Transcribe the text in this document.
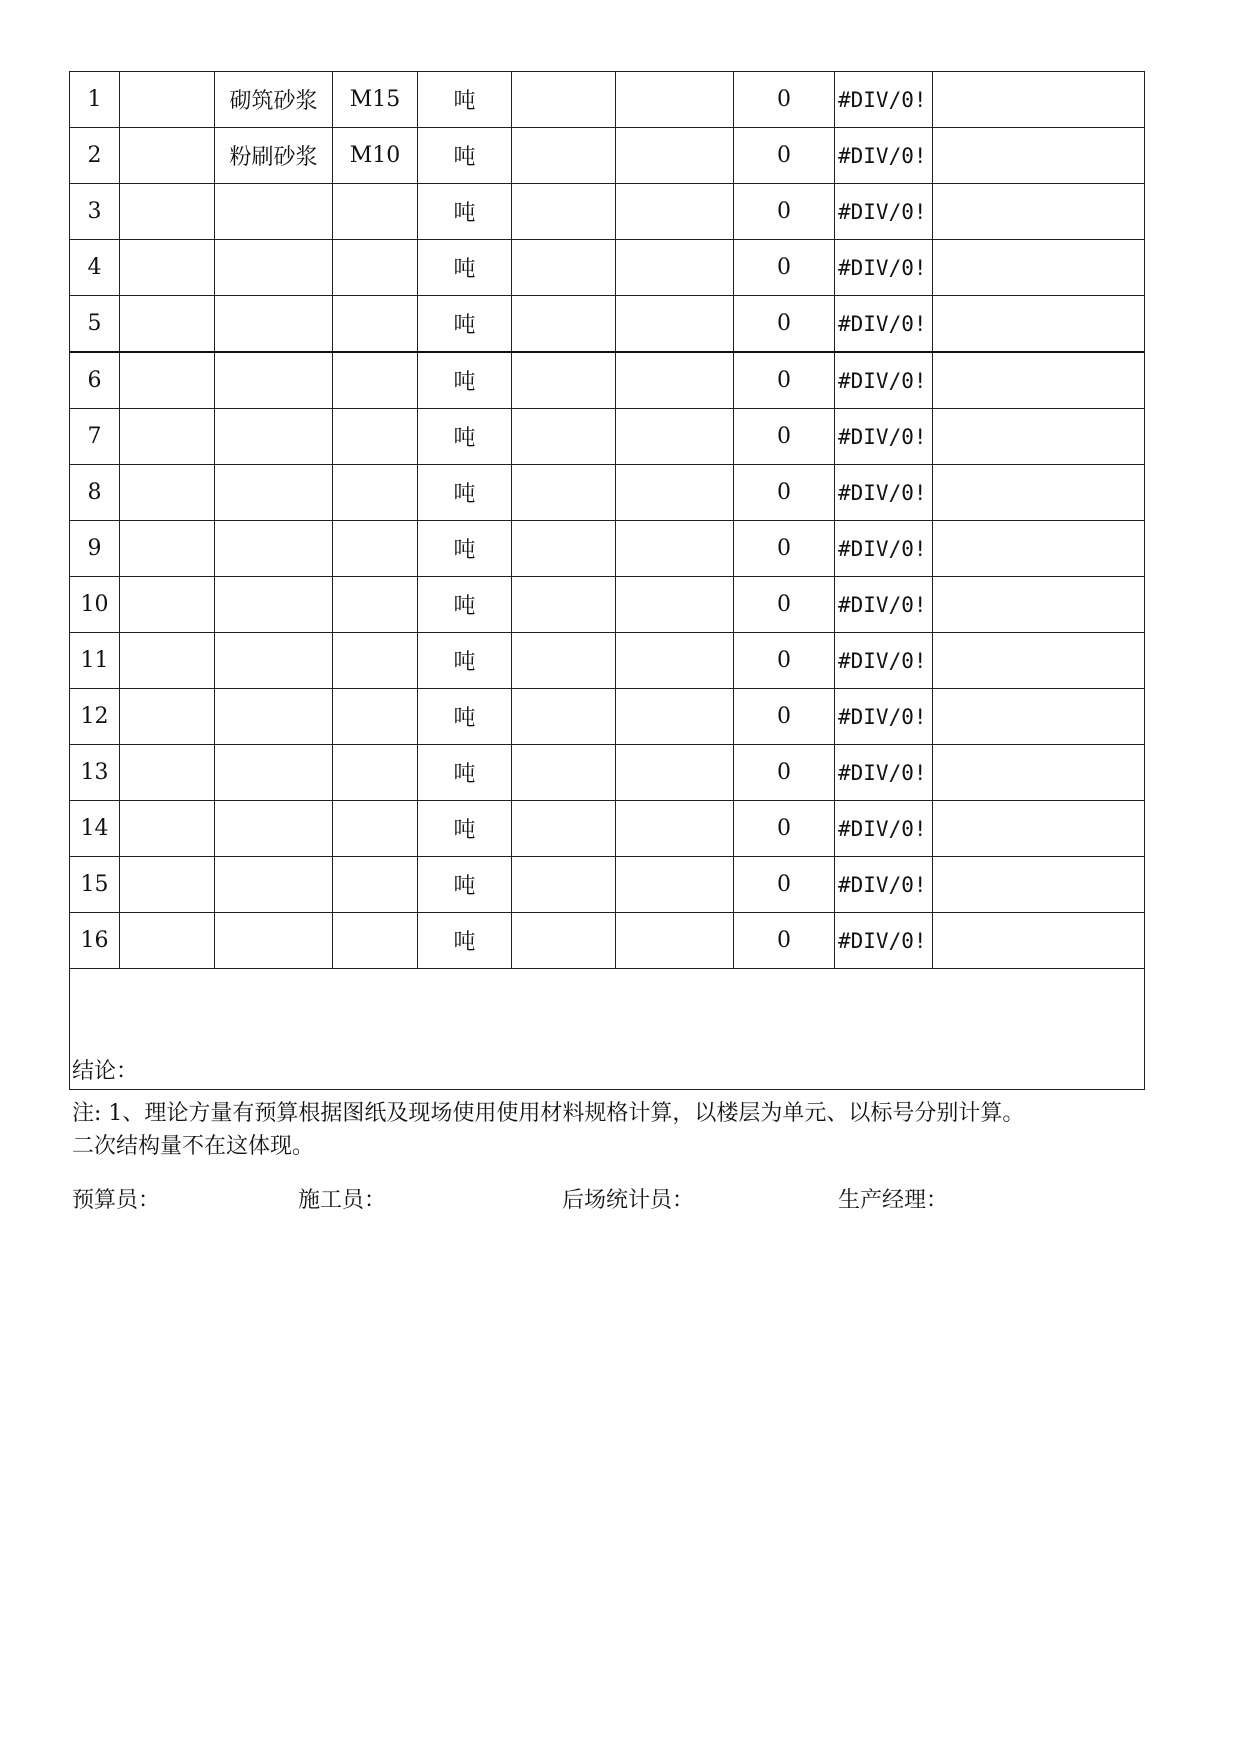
1		砌筑砂浆	M15	吨			0	#DIV/0!	
2		粉刷砂浆	M10	吨			0	#DIV/0!	
3				吨			0	#DIV/0!	
4				吨			0	#DIV/0!	
5				吨			0	#DIV/0!	
6				吨			0	#DIV/0!	
7				吨			0	#DIV/0!	
8				吨			0	#DIV/0!	
9				吨			0	#DIV/0!	
10				吨			0	#DIV/0!	
11				吨			0	#DIV/0!	
12				吨			0	#DIV/0!	
13				吨			0	#DIV/0!	
14				吨			0	#DIV/0!	
15				吨			0	#DIV/0!	
16				吨			0	#DIV/0!	
结论：									
注: 1、理论方量有预算根据图纸及现场使用使用材料规格计算，以楼层为单元、以标号分别计算。
二次结构量不在这体现。
预算员：	施工员：	后场统计员：	生产经理：
